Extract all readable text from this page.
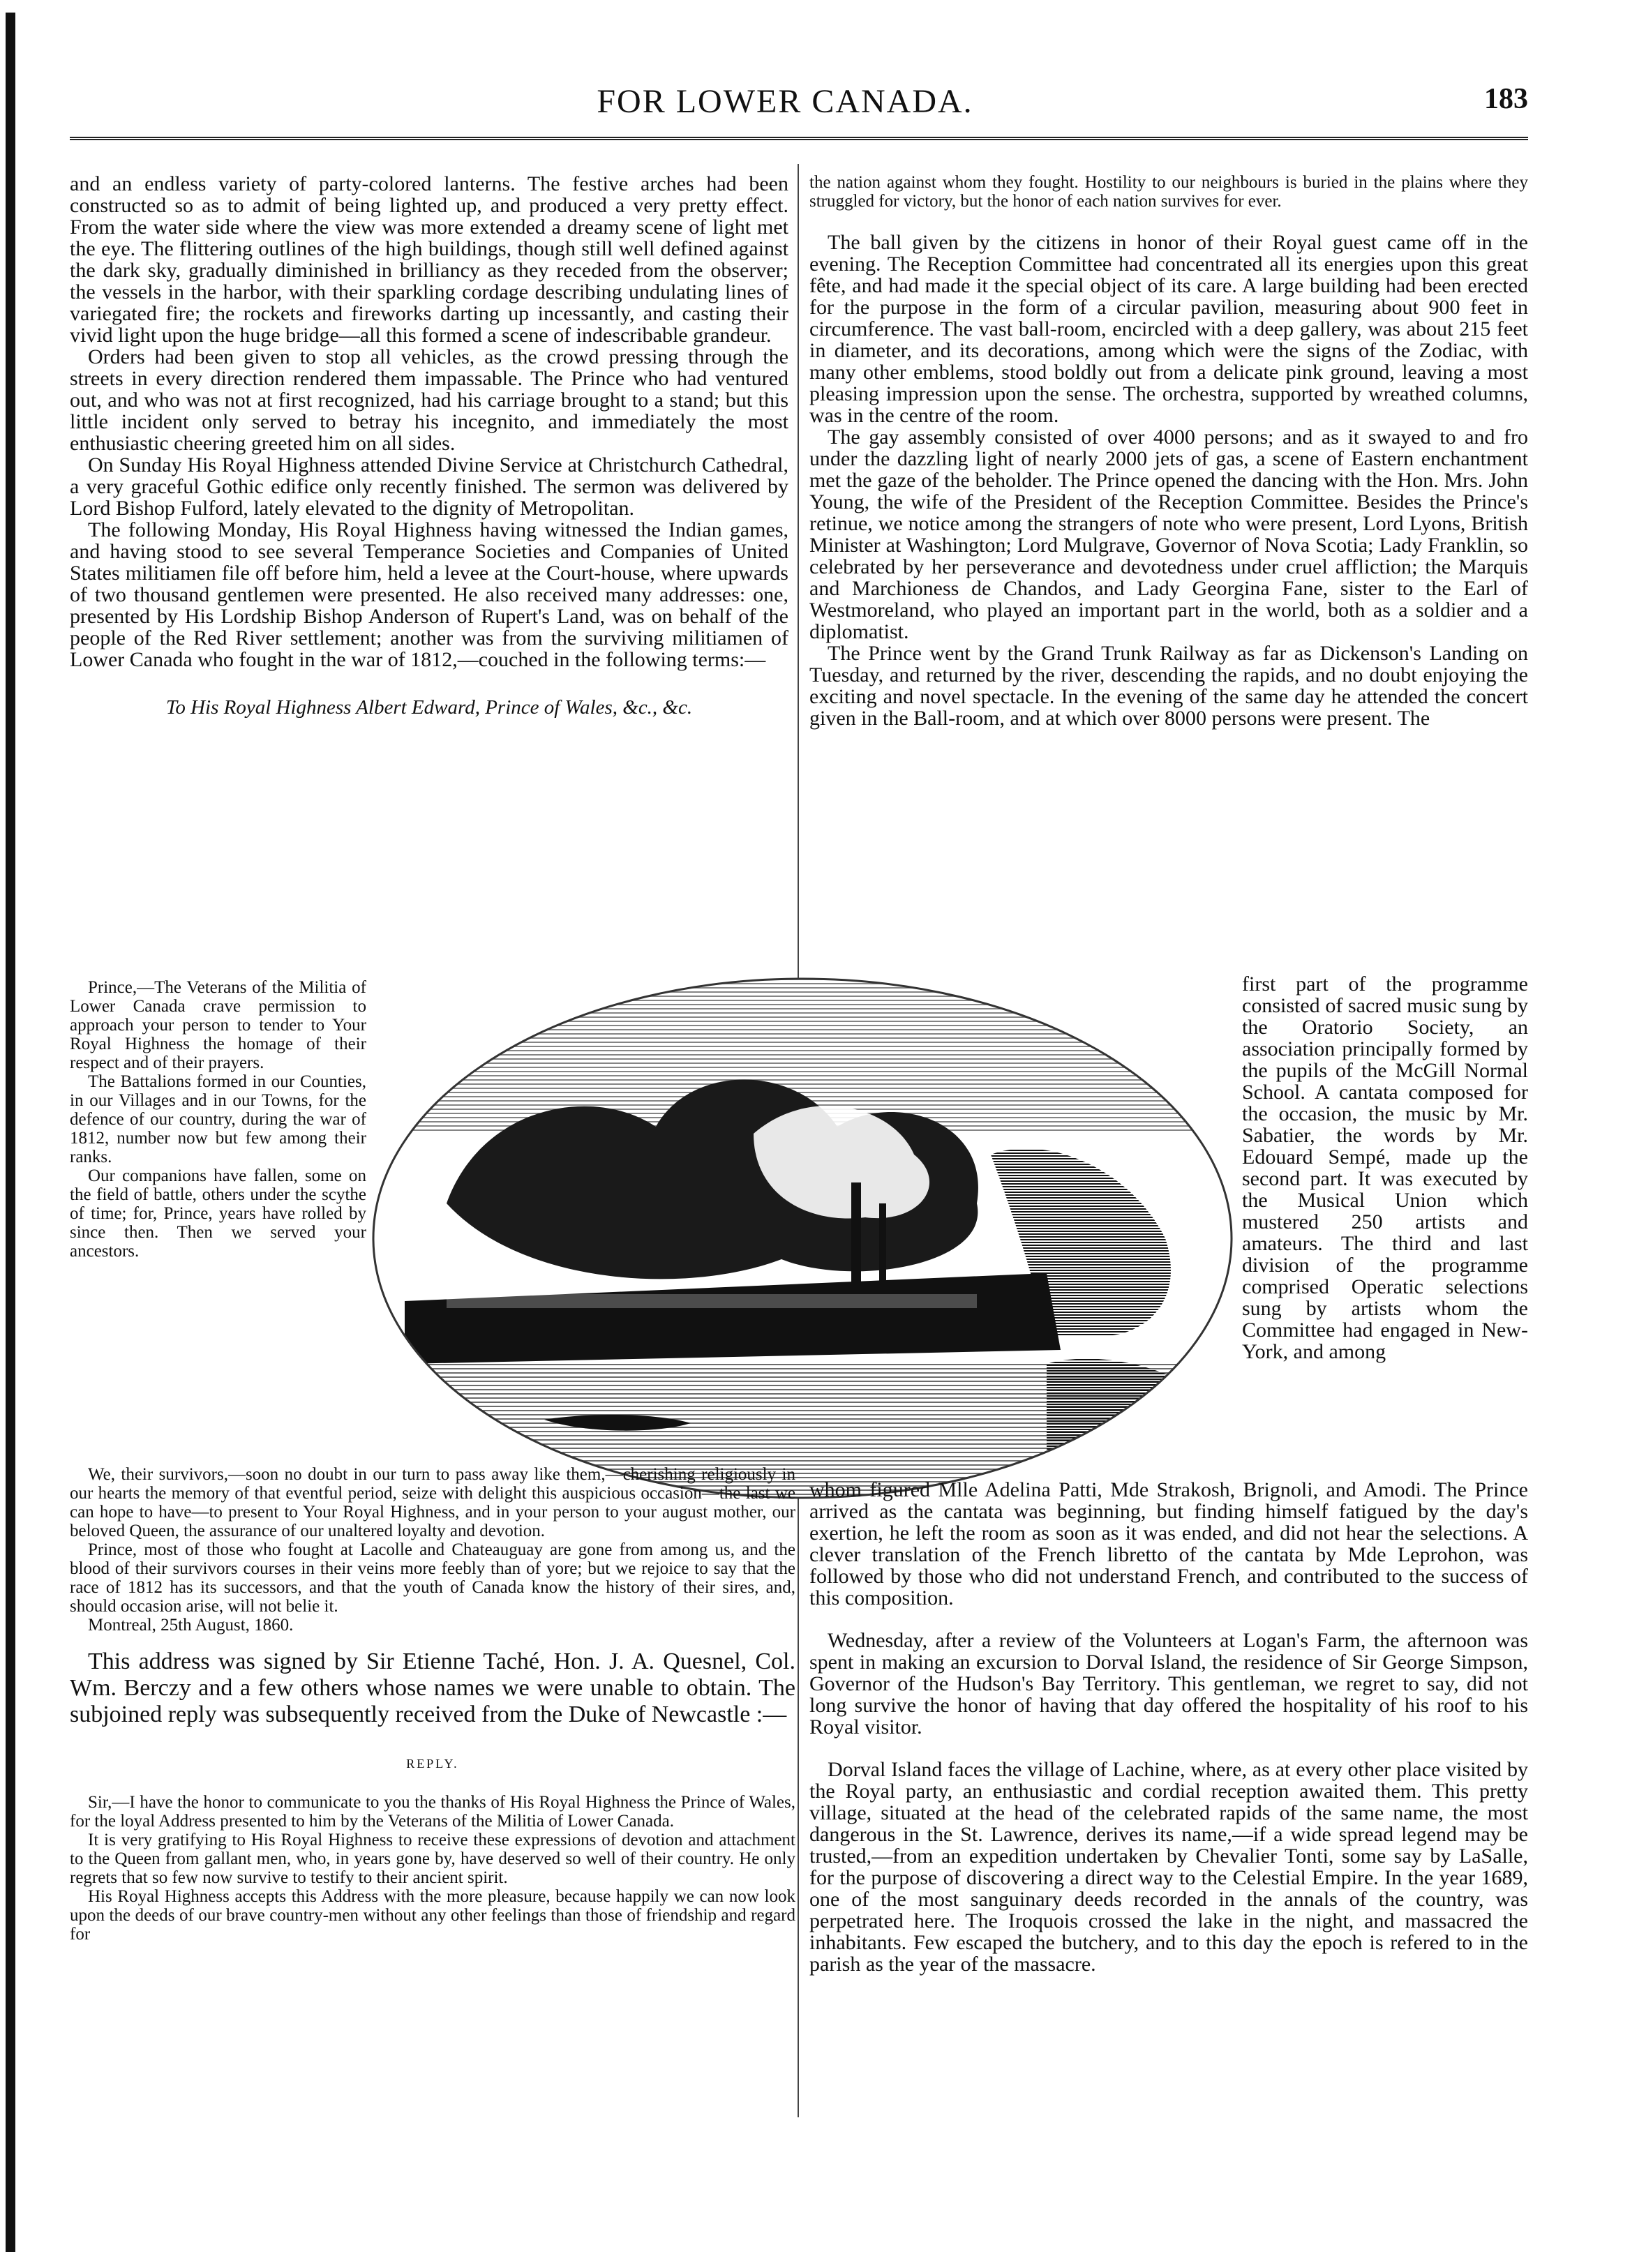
FOR LOWER CANADA.	183

and an endless variety of party-colored lanterns. The festive arches had been constructed so as to admit of being lighted up, and produced a very pretty effect. From the water side where the view was more extended a dreamy scene of light met the eye. The flittering outlines of the high buildings, though still well defined against the dark sky, gradually diminished in brilliancy as they receded from the observer; the vessels in the harbor, with their sparkling cordage describing undulating lines of variegated fire; the rockets and fireworks darting up incessantly, and casting their vivid light upon the huge bridge—all this formed a scene of indescribable grandeur.

Orders had been given to stop all vehicles, as the crowd pressing through the streets in every direction rendered them impassable. The Prince who had ventured out, and who was not at first recognized, had his carriage brought to a stand; but this little incident only served to betray his incegnito, and immediately the most enthusiastic cheering greeted him on all sides.

On Sunday His Royal Highness attended Divine Service at Christchurch Cathedral, a very graceful Gothic edifice only recently finished. The sermon was delivered by Lord Bishop Fulford, lately elevated to the dignity of Metropolitan.

The following Monday, His Royal Highness having witnessed the Indian games, and having stood to see several Temperance Societies and Companies of United States militiamen file off before him, held a levee at the Court-house, where upwards of two thousand gentlemen were presented. He also received many addresses: one, presented by His Lordship Bishop Anderson of Rupert's Land, was on behalf of the people of the Red River settlement; another was from the surviving militiamen of Lower Canada who fought in the war of 1812,—couched in the following terms:—

To His Royal Highness Albert Edward, Prince of Wales, &c., &c.

Prince,—The Veterans of the Militia of Lower Canada crave permission to approach your person to tender to Your Royal Highness the homage of their respect and of their prayers.

The Battalions formed in our Counties, in our Villages and in our Towns, for the defence of our country, during the war of 1812, number now but few among their ranks.

Our companions have fallen, some on the field of battle, others under the scythe of time; for, Prince, years have rolled by since then. Then we served your ancestors.

We, their survivors,—soon no doubt in our turn to pass away like them,—cherishing religiously in our hearts the memory of that eventful period, seize with delight this auspicious occasion—the last we can hope to have—to present to Your Royal Highness, and in your person to your august mother, our beloved Queen, the assurance of our unaltered loyalty and devotion.

Prince, most of those who fought at Lacolle and Chateauguay are gone from among us, and the blood of their survivors courses in their veins more feebly than of yore; but we rejoice to say that the race of 1812 has its successors, and that the youth of Canada know the history of their sires, and, should occasion arise, will not belie it.

Montreal, 25th August, 1860.

This address was signed by Sir Etienne Taché, Hon. J. A. Quesnel, Col. Wm. Berczy and a few others whose names we were unable to obtain. The subjoined reply was subsequently received from the Duke of Newcastle :—

REPLY.

Sir,—I have the honor to communicate to you the thanks of His Royal Highness the Prince of Wales, for the loyal Address presented to him by the Veterans of the Militia of Lower Canada.

It is very gratifying to His Royal Highness to receive these expressions of devotion and attachment to the Queen from gallant men, who, in years gone by, have deserved so well of their country. He only regrets that so few now survive to testify to their ancient spirit.

His Royal Highness accepts this Address with the more pleasure, because happily we can now look upon the deeds of our brave country-men without any other feelings than those of friendship and regard for

the nation against whom they fought. Hostility to our neighbours is buried in the plains where they struggled for victory, but the honor of each nation survives for ever.

The ball given by the citizens in honor of their Royal guest came off in the evening. The Reception Committee had concentrated all its energies upon this great fête, and had made it the special object of its care. A large building had been erected for the purpose in the form of a circular pavilion, measuring about 900 feet in circumference. The vast ball-room, encircled with a deep gallery, was about 215 feet in diameter, and its decorations, among which were the signs of the Zodiac, with many other emblems, stood boldly out from a delicate pink ground, leaving a most pleasing impression upon the sense. The orchestra, supported by wreathed columns, was in the centre of the room.

The gay assembly consisted of over 4000 persons; and as it swayed to and fro under the dazzling light of nearly 2000 jets of gas, a scene of Eastern enchantment met the gaze of the beholder. The Prince opened the dancing with the Hon. Mrs. John Young, the wife of the President of the Reception Committee. Besides the Prince's retinue, we notice among the strangers of note who were present, Lord Lyons, British Minister at Washington; Lord Mulgrave, Governor of Nova Scotia; Lady Franklin, so celebrated by her perseverance and devotedness under cruel affliction; the Marquis and Marchioness de Chandos, and Lady Georgina Fane, sister to the Earl of Westmoreland, who played an important part in the world, both as a soldier and a diplomatist.

The Prince went by the Grand Trunk Railway as far as Dickenson's Landing on Tuesday, and returned by the river, descending the rapids, and no doubt enjoying the exciting and novel spectacle. In the evening of the same day he attended the concert given in the Ball-room, and at which over 8000 persons were present. The

first part of the programme consisted of sacred music sung by the Oratorio Society, an association principally formed by the pupils of the McGill Normal School. A cantata composed for the occasion, the music by Mr. Sabatier, the words by Mr. Edouard Sempé, made up the second part. It was executed by the Musical Union which mustered 250 artists and amateurs. The third and last division of the programme comprised Operatic selections sung by artists whom the Committee had engaged in New-York, and among

whom figured Mlle Adelina Patti, Mde Strakosh, Brignoli, and Amodi. The Prince arrived as the cantata was beginning, but finding himself fatigued by the day's exertion, he left the room as soon as it was ended, and did not hear the selections. A clever translation of the French libretto of the cantata by Mde Leprohon, was followed by those who did not understand French, and contributed to the success of this composition.

Wednesday, after a review of the Volunteers at Logan's Farm, the afternoon was spent in making an excursion to Dorval Island, the residence of Sir George Simpson, Governor of the Hudson's Bay Territory. This gentleman, we regret to say, did not long survive the honor of having that day offered the hospitality of his roof to his Royal visitor.

Dorval Island faces the village of Lachine, where, as at every other place visited by the Royal party, an enthusiastic and cordial reception awaited them. This pretty village, situated at the head of the celebrated rapids of the same name, the most dangerous in the St. Lawrence, derives its name,—if a wide spread legend may be trusted,—from an expedition undertaken by Chevalier Tonti, some say by LaSalle, for the purpose of discovering a direct way to the Celestial Empire. In the year 1689, one of the most sanguinary deeds recorded in the annals of the country, was perpetrated here. The Iroquois crossed the lake in the night, and massacred the inhabitants. Few escaped the butchery, and to this day the epoch is refered to in the parish as the year of the massacre.
